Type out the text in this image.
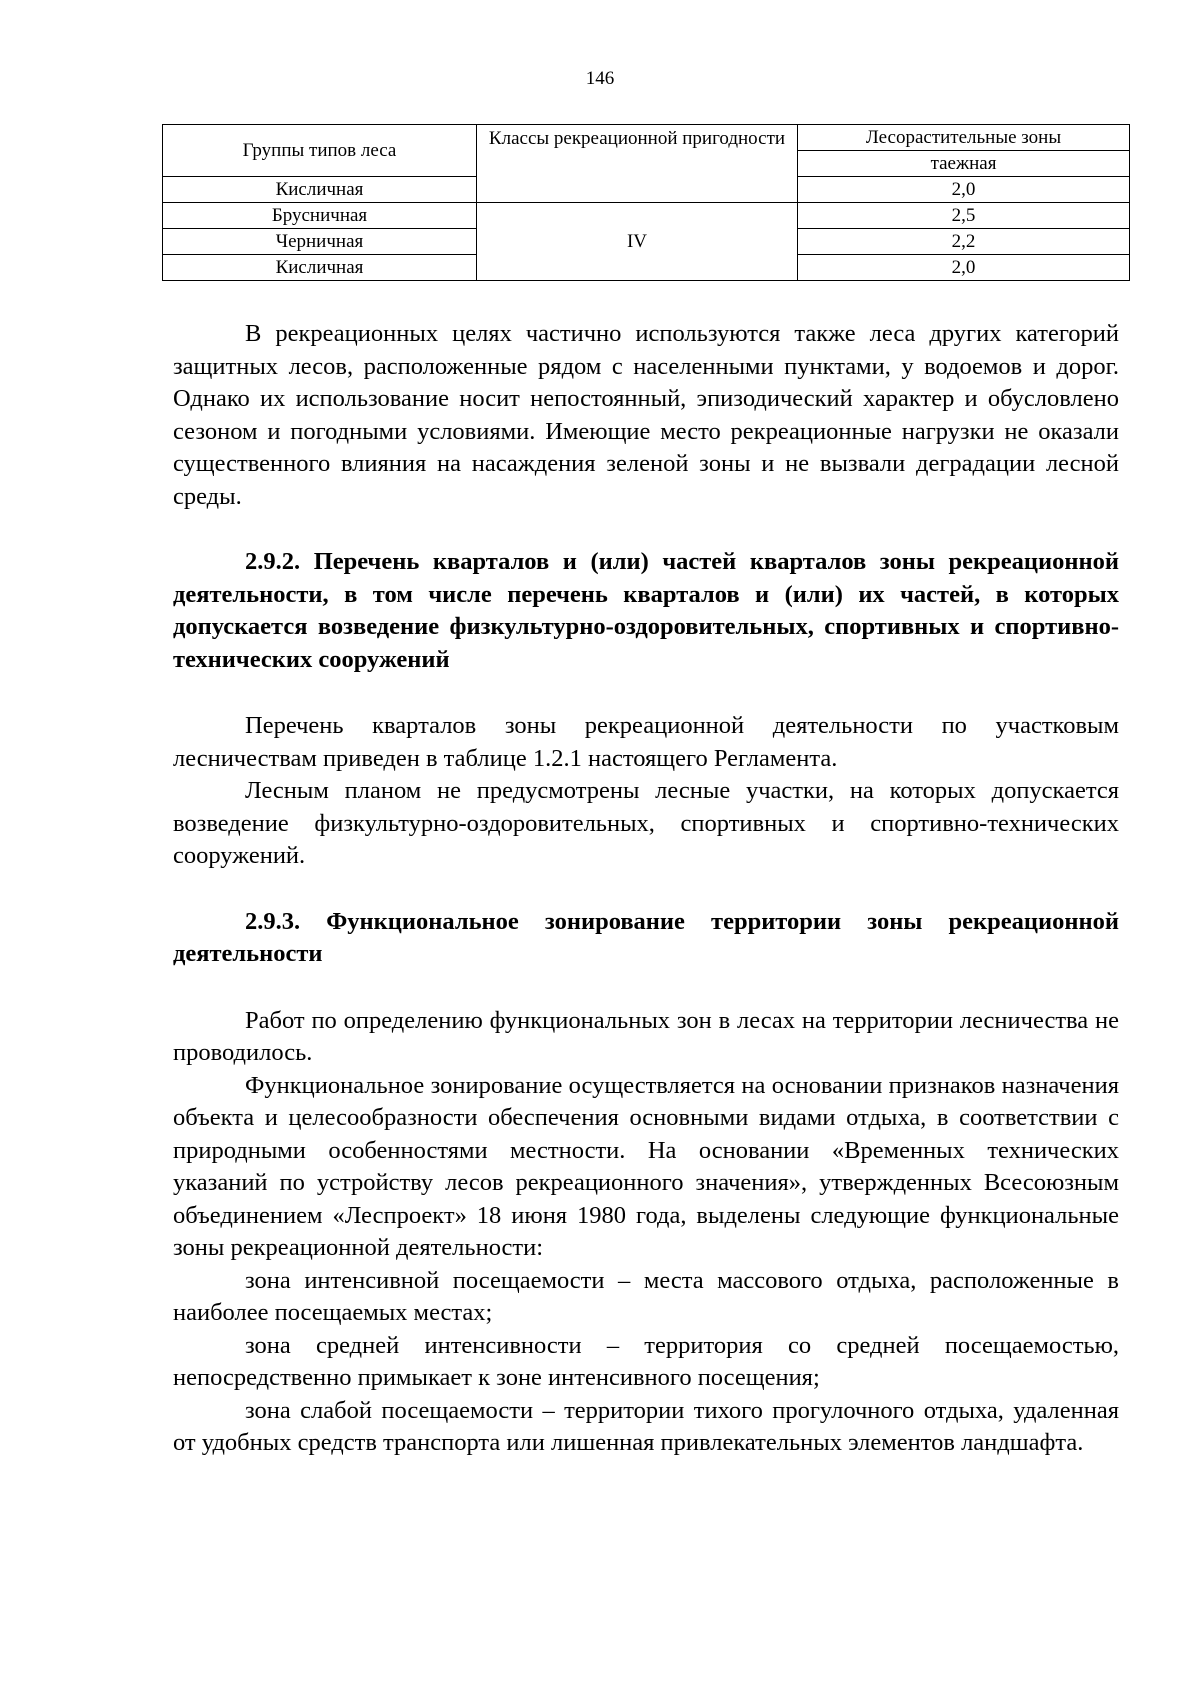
146
Группы типов леса	Классы рекреационной пригодности	Лесорастительные зоны
		таежная
Кисличная		2,0
Брусничная	IV	2,5
Черничная		2,2
Кисличная		2,0

В рекреационных целях частично используются также леса других категорий защитных лесов, расположенные рядом с населенными пунктами, у водоемов и дорог. Однако их использование носит непостоянный, эпизодический характер и обусловлено сезоном и погодными условиями. Имеющие место рекреационные нагрузки не оказали существенного влияния на насаждения зеленой зоны и не вызвали деградации лесной среды.

2.9.2. Перечень кварталов и (или) частей кварталов зоны рекреационной деятельности, в том числе перечень кварталов и (или) их частей, в которых допускается возведение физкультурно-оздоровительных, спортивных и спортивно-технических сооружений

Перечень кварталов зоны рекреационной деятельности по участковым лесничествам приведен в таблице 1.2.1 настоящего Регламента.

Лесным планом не предусмотрены лесные участки, на которых допускается возведение физкультурно-оздоровительных, спортивных и спортивно-технических сооружений.

2.9.3. Функциональное зонирование территории зоны рекреационной деятельности

Работ по определению функциональных зон в лесах на территории лесничества не проводилось.

Функциональное зонирование осуществляется на основании признаков назначения объекта и целесообразности обеспечения основными видами отдыха, в соответствии с природными особенностями местности. На основании «Временных технических указаний по устройству лесов рекреационного значения», утвержденных Всесоюзным объединением «Леспроект» 18 июня 1980 года, выделены следующие функциональные зоны рекреационной деятельности:

зона интенсивной посещаемости – места массового отдыха, расположенные в наиболее посещаемых местах;

зона средней интенсивности – территория со средней посещаемостью, непосредственно примыкает к зоне интенсивного посещения;

зона слабой посещаемости – территории тихого прогулочного отдыха, удаленная от удобных средств транспорта или лишенная привлекательных элементов ландшафта.
